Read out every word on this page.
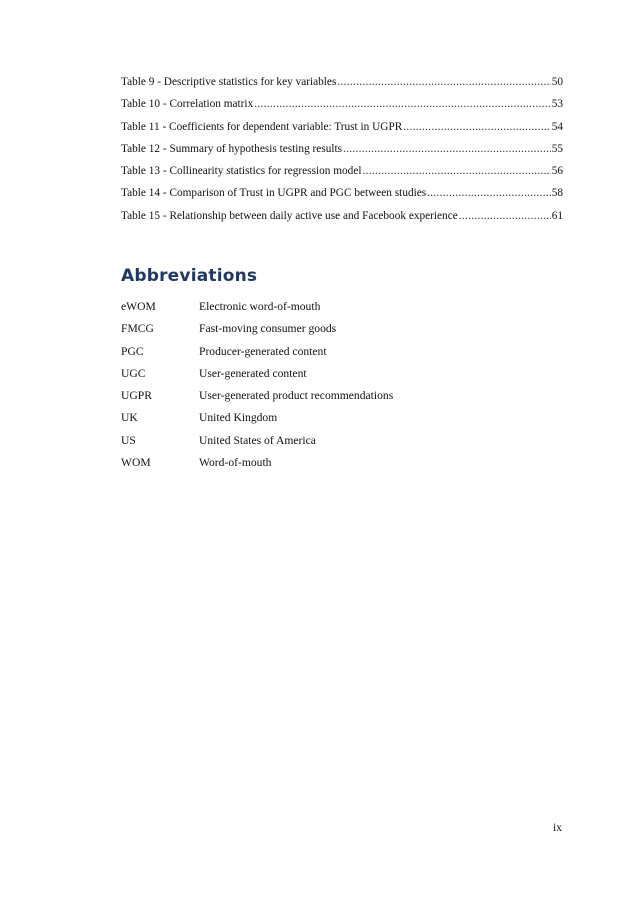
Table 9 - Descriptive statistics for key variables .....	50
Table 10 - Correlation matrix .....	53
Table 11 - Coefficients for dependent variable: Trust in UGPR .....	54
Table 12 - Summary of hypothesis testing results .....	55
Table 13 - Collinearity statistics for regression model .....	56
Table 14 - Comparison of Trust in UGPR and PGC between studies .....	58
Table 15 - Relationship between daily active use and Facebook experience .....	61
Abbreviations
eWOM	Electronic word-of-mouth
FMCG	Fast-moving consumer goods
PGC	Producer-generated content
UGC	User-generated content
UGPR	User-generated product recommendations
UK	United Kingdom
US	United States of America
WOM	Word-of-mouth
ix
